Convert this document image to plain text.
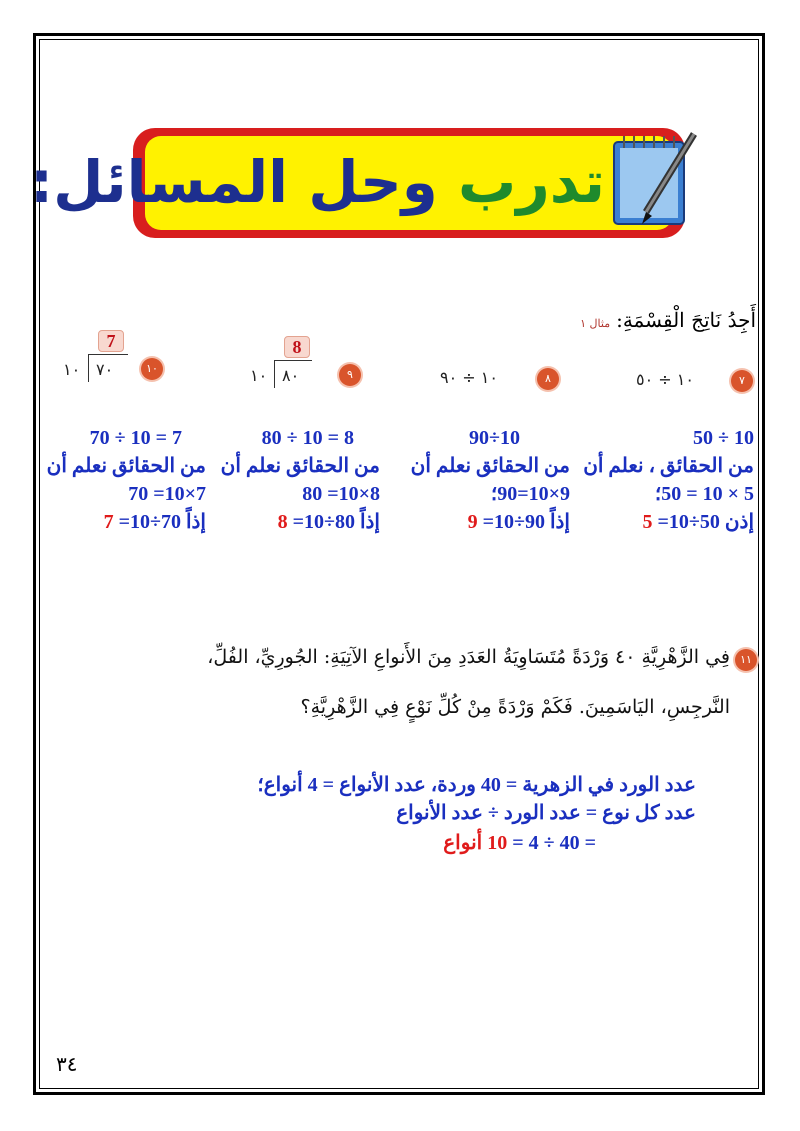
تدرب وحل المسائل:
أَجِدُ نَاتِجَ الْقِسْمَةِ:مثال ١
٧
١٠ ÷ ٥٠
٨
١٠ ÷ ٩٠
٩
8
١٠ ٨٠
١٠
7
١٠ ٧٠
10 ÷ 50
من الحقائق ، نعلم أن
5 × 10 = 50؛
إذن 50÷10= 5
10÷90
من الحقائق نعلم أن
9×10=90؛
إذاً 90÷10= 9
8 = 10 ÷ 80
من الحقائق نعلم أن
8×10= 80
إذاً 80÷10= 8
7 = 10 ÷ 70
من الحقائق نعلم أن
7×10= 70
إذاً 70÷10= 7
١١
فِي الزَّهْرِيَّةِ ٤٠ وَرْدَةً مُتَسَاوِيَةُ العَدَدِ مِنَ الأَنواعِ الآتِيَةِ: الجُورِيِّ، الفُلِّ،
النَّرجِسِ، اليَاسَمِينَ. فَكَمْ وَرْدَةً مِنْ كُلِّ نَوْعٍ فِي الزَّهْرِيَّةِ؟
عدد الورد في الزهرية = 40 وردة، عدد الأنواع = 4 أنواع؛
عدد كل نوع = عدد الورد ÷ عدد الأنواع
= 40 ÷ 4 = 10 أنواع
٣٤
